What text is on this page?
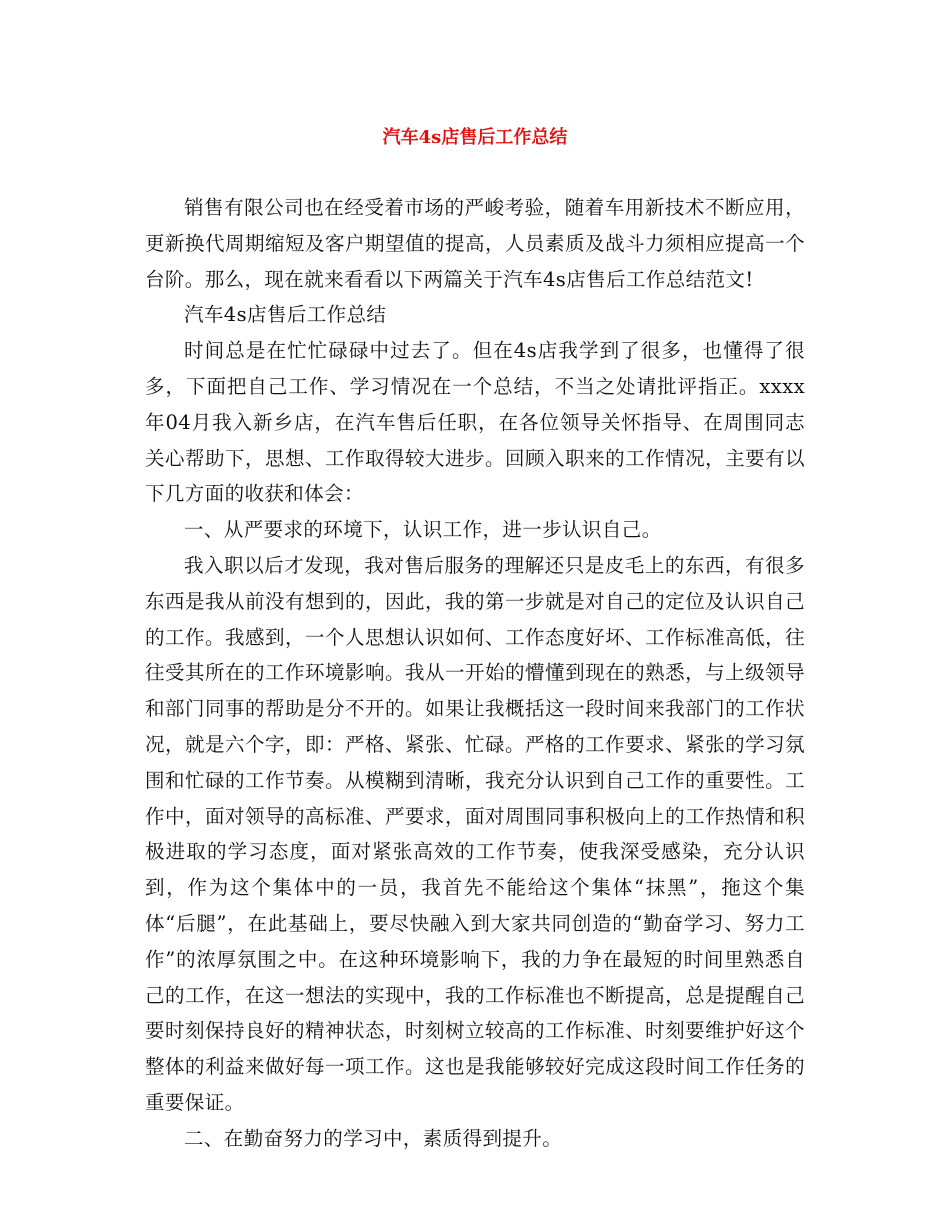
汽车4s店售后工作总结

销售有限公司也在经受着市场的严峻考验，随着车用新技术不断应用，更新换代周期缩短及客户期望值的提高，人员素质及战斗力须相应提高一个台阶。那么，现在就来看看以下两篇关于汽车4s店售后工作总结范文!

汽车4s店售后工作总结

时间总是在忙忙碌碌中过去了。但在4s店我学到了很多，也懂得了很多，下面把自己工作、学习情况在一个总结，不当之处请批评指正。xxxx年04月我入新乡店，在汽车售后任职，在各位领导关怀指导、在周围同志关心帮助下，思想、工作取得较大进步。回顾入职来的工作情况，主要有以下几方面的收获和体会：

一、从严要求的环境下，认识工作，进一步认识自己。

我入职以后才发现，我对售后服务的理解还只是皮毛上的东西，有很多东西是我从前没有想到的，因此，我的第一步就是对自己的定位及认识自己的工作。我感到，一个人思想认识如何、工作态度好坏、工作标准高低，往往受其所在的工作环境影响。我从一开始的懵懂到现在的熟悉，与上级领导和部门同事的帮助是分不开的。如果让我概括这一段时间来我部门的工作状况，就是六个字，即：严格、紧张、忙碌。严格的工作要求、紧张的学习氛围和忙碌的工作节奏。从模糊到清晰，我充分认识到自己工作的重要性。工作中，面对领导的高标准、严要求，面对周围同事积极向上的工作热情和积极进取的学习态度，面对紧张高效的工作节奏，使我深受感染，充分认识到，作为这个集体中的一员，我首先不能给这个集体“抹黑”，拖这个集体“后腿”，在此基础上，要尽快融入到大家共同创造的“勤奋学习、努力工作”的浓厚氛围之中。在这种环境影响下，我的力争在最短的时间里熟悉自己的工作，在这一想法的实现中，我的工作标准也不断提高，总是提醒自己要时刻保持良好的精神状态，时刻树立较高的工作标准、时刻要维护好这个整体的利益来做好每一项工作。这也是我能够较好完成这段时间工作任务的重要保证。

二、在勤奋努力的学习中，素质得到提升。
